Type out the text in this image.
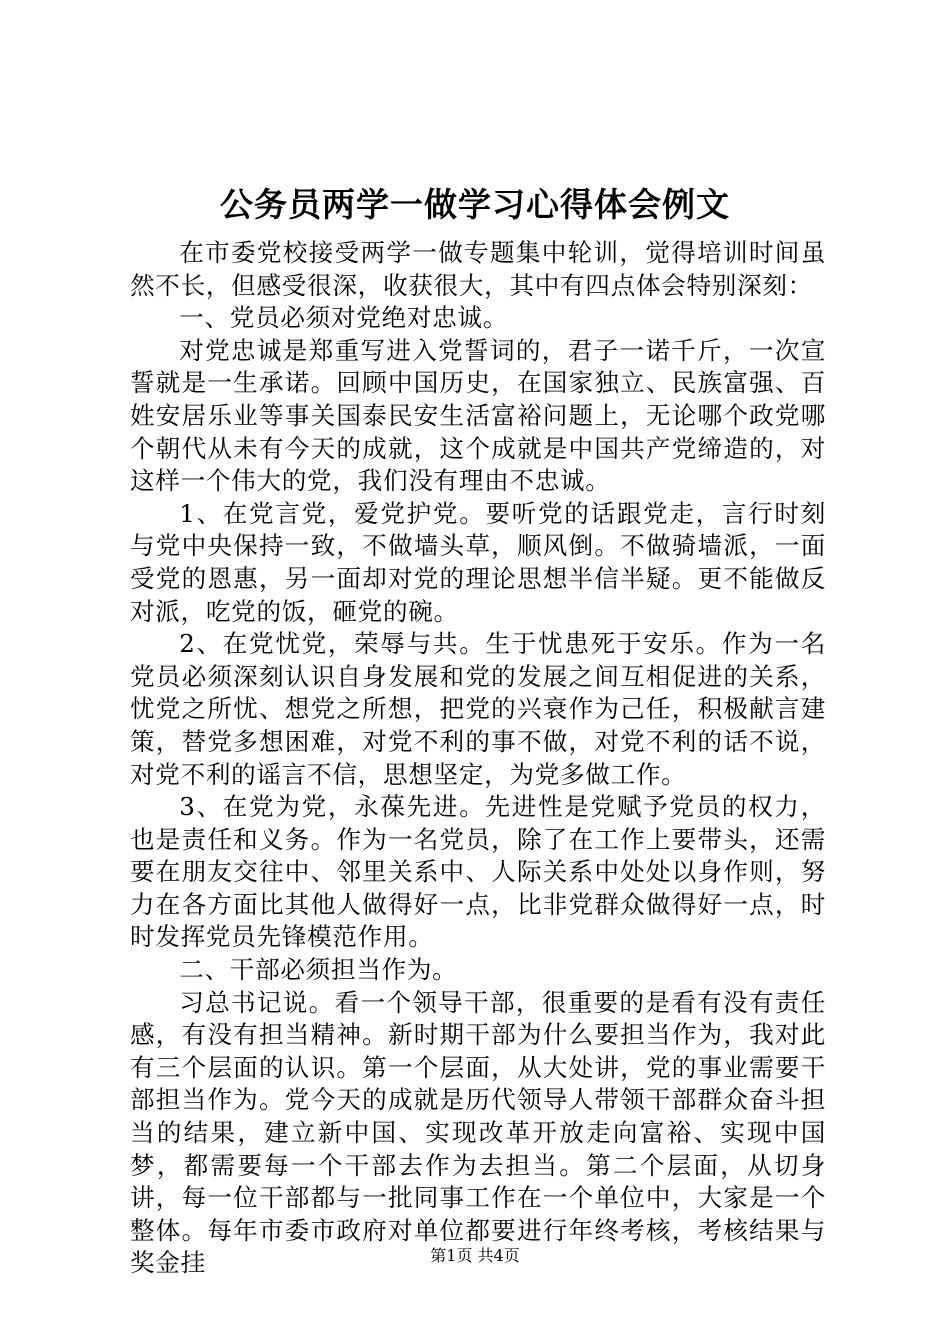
公务员两学一做学习心得体会例文

在市委党校接受两学一做专题集中轮训，觉得培训时间虽然不长，但感受很深，收获很大，其中有四点体会特别深刻：

一、党员必须对党绝对忠诚。

对党忠诚是郑重写进入党誓词的，君子一诺千斤，一次宣誓就是一生承诺。回顾中国历史，在国家独立、民族富强、百姓安居乐业等事关国泰民安生活富裕问题上，无论哪个政党哪个朝代从未有今天的成就，这个成就是中国共产党缔造的，对这样一个伟大的党，我们没有理由不忠诚。

1、在党言党，爱党护党。要听党的话跟党走，言行时刻与党中央保持一致，不做墙头草，顺风倒。不做骑墙派，一面受党的恩惠，另一面却对党的理论思想半信半疑。更不能做反对派，吃党的饭，砸党的碗。

2、在党忧党，荣辱与共。生于忧患死于安乐。作为一名党员必须深刻认识自身发展和党的发展之间互相促进的关系，忧党之所忧、想党之所想，把党的兴衰作为己任，积极献言建策，替党多想困难，对党不利的事不做，对党不利的话不说，对党不利的谣言不信，思想坚定，为党多做工作。

3、在党为党，永葆先进。先进性是党赋予党员的权力，也是责任和义务。作为一名党员，除了在工作上要带头，还需要在朋友交往中、邻里关系中、人际关系中处处以身作则，努力在各方面比其他人做得好一点，比非党群众做得好一点，时时发挥党员先锋模范作用。

二、干部必须担当作为。

习总书记说。看一个领导干部，很重要的是看有没有责任感，有没有担当精神。新时期干部为什么要担当作为，我对此有三个层面的认识。第一个层面，从大处讲，党的事业需要干部担当作为。党今天的成就是历代领导人带领干部群众奋斗担当的结果，建立新中国、实现改革开放走向富裕、实现中国梦，都需要每一个干部去作为去担当。第二个层面，从切身讲，每一位干部都与一批同事工作在一个单位中，大家是一个整体。每年市委市政府对单位都要进行年终考核，考核结果与奖金挂	第1页 共4页
